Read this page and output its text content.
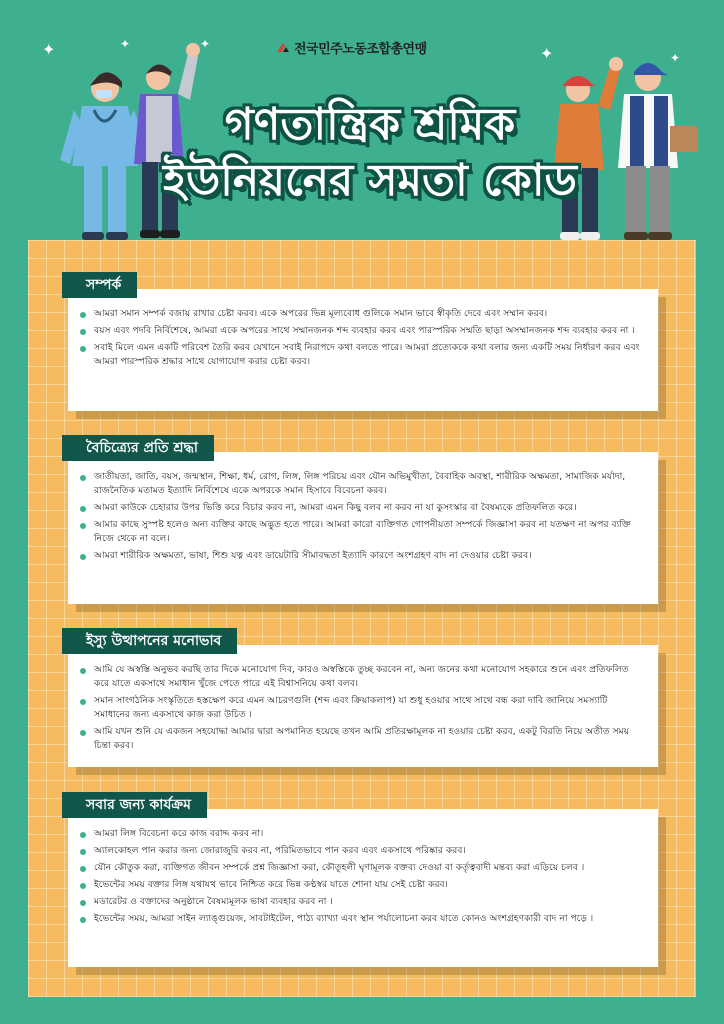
✦	✦	✦	✦	✦
전국민주노동조합총연맹
গণতান্ত্রিক শ্রমিক
ইউনিয়নের সমতা কোড
সম্পর্ক
আমরা সমান সম্পর্ক বজায় রাখার চেষ্টা করব। একে অপরের ভিন্ন মূল্যবোধ গুলিকে সমান ভাবে স্বীকৃতি দেবে এবং সম্মান করব।
বয়স এবং পদবি নির্বিশেষে, আমরা একে অপরের সাথে সম্মানজনক শব্দ ব্যবহার করব এবং পারস্পরিক সম্মতি ছাড়া অসম্মানজনক শব্দ ব্যবহার করব না ।
সবাই মিলে এমন একটি পরিবেশ তৈরি করব যেখানে সবাই নিরাপদে কথা বলতে পারে। আমরা প্রত্যেককে কথা বলার জন্য একটি সময় নির্ধারণ করব এবং আমরা পারস্পরিক শ্রদ্ধার সাথে যোগাযোগ করার চেষ্টা করব।
বৈচিত্র্যের প্রতি শ্রদ্ধা
জাতীয়তা, জাতি, বয়স, জন্মস্থান, শিক্ষা, ধর্ম, রোগ, লিঙ্গ, লিঙ্গ পরিচয় এবং যৌন অভিমুখীতা, বৈবাহিক অবস্থা, শারীরিক অক্ষমতা, সামাজিক মর্যাদা, রাজনৈতিক মতামত ইত্যাদি নির্বিশেষে একে অপরকে সমান হিসাবে বিবেচনা করব।
আমরা কাউকে চেহারার উপর ভিত্তি করে বিচার করব না, আমরা এমন কিছু বলব না করব না যা কুসংস্কার বা বৈষম্যকে প্রতিফলিত করে।
আমার কাছে সুস্পষ্ট হলেও অন্য ব্যক্তির কাছে অদ্ভুত হতে পারে। আমরা কারো ব্যক্তিগত গোপনীয়তা সম্পর্কে জিজ্ঞাসা করব না যতক্ষণ না অপর ব্যক্তি নিজে থেকে না বলে।
আমরা শারীরিক অক্ষমতা, ভাষা, শিশু যত্ন এবং ডায়েটারি সীমাবদ্ধতা ইত্যাদি কারণে অংশগ্রহণ বাদ না দেওয়ার চেষ্টা করব।
ইস্যু উত্থাপনের মনোভাব
আমি যে অস্বস্তি অনুভব করছি তার দিকে মনোযোগ দিব, কারও অস্বস্তিকে তুচ্ছ করবেন না, অন্য জনের কথা মনোযোগ সহকারে শুনে এবং প্রতিফলিত করে যাতে একসাথে সমাধান খুঁজে পেতে পারে এই বিশ্বাসনিয়ে কথা বলব।
সমান সাংগঠনিক সংস্কৃতিতে হস্তক্ষেপ করে এমন আচরণগুলি (শব্দ এবং ক্রিয়াকলাপ) যা শুধু হওয়ার সাথে সাথে বন্ধ করা দাবি জানিয়ে সমস্যাটি সমাধানের জন্য একসাথে কাজ করা উচিত ।
আমি যখন শুনি যে একজন সহযোদ্ধা আমার দ্বারা অপমানিত হয়েছে তখন আমি প্রতিরক্ষামূলক না হওয়ার চেষ্টা করব, একটু বিরতি নিয়ে অতীত সময় চিন্তা করব।
সবার জন্য কার্যক্রম
আমরা লিঙ্গ বিবেচনা করে কাজ বরাদ্দ করব না।
অ্যালকোহল পান করার জন্য জোরাজুরি করব না, পরিমিতভাবে পান করব এবং একসাথে পরিষ্কার করব।
যৌন কৌতুক করা, ব্যক্তিগত জীবন সম্পর্কে প্রশ্ন জিজ্ঞাসা করা, কৌতূহলী ঘৃণামূলক বক্তব্য দেওয়া বা কর্তৃত্ববাদী মন্তব্য করা এড়িয়ে চলব ।
ইভেন্টের সময় বক্তার লিঙ্গ যথাযথ ভাবে নিশ্চিত করে ভিন্ন কণ্ঠস্বর যাতে শোনা যায় সেই চেষ্টা করব।
মডারেটর ও বক্তাদের অনুষ্ঠানে বৈষম্যমূলক ভাষা ব্যবহার করব না ।
ইভেন্টের সময়, আমরা সাইন ল্যাঙ্গুয়েজ, সাবটাইটেল, পাঠ্য ব্যাখ্যা এবং স্থান পর্যালোচনা করব যাতে কোনও অংশগ্রহণকারী বাদ না পড়ে ।
